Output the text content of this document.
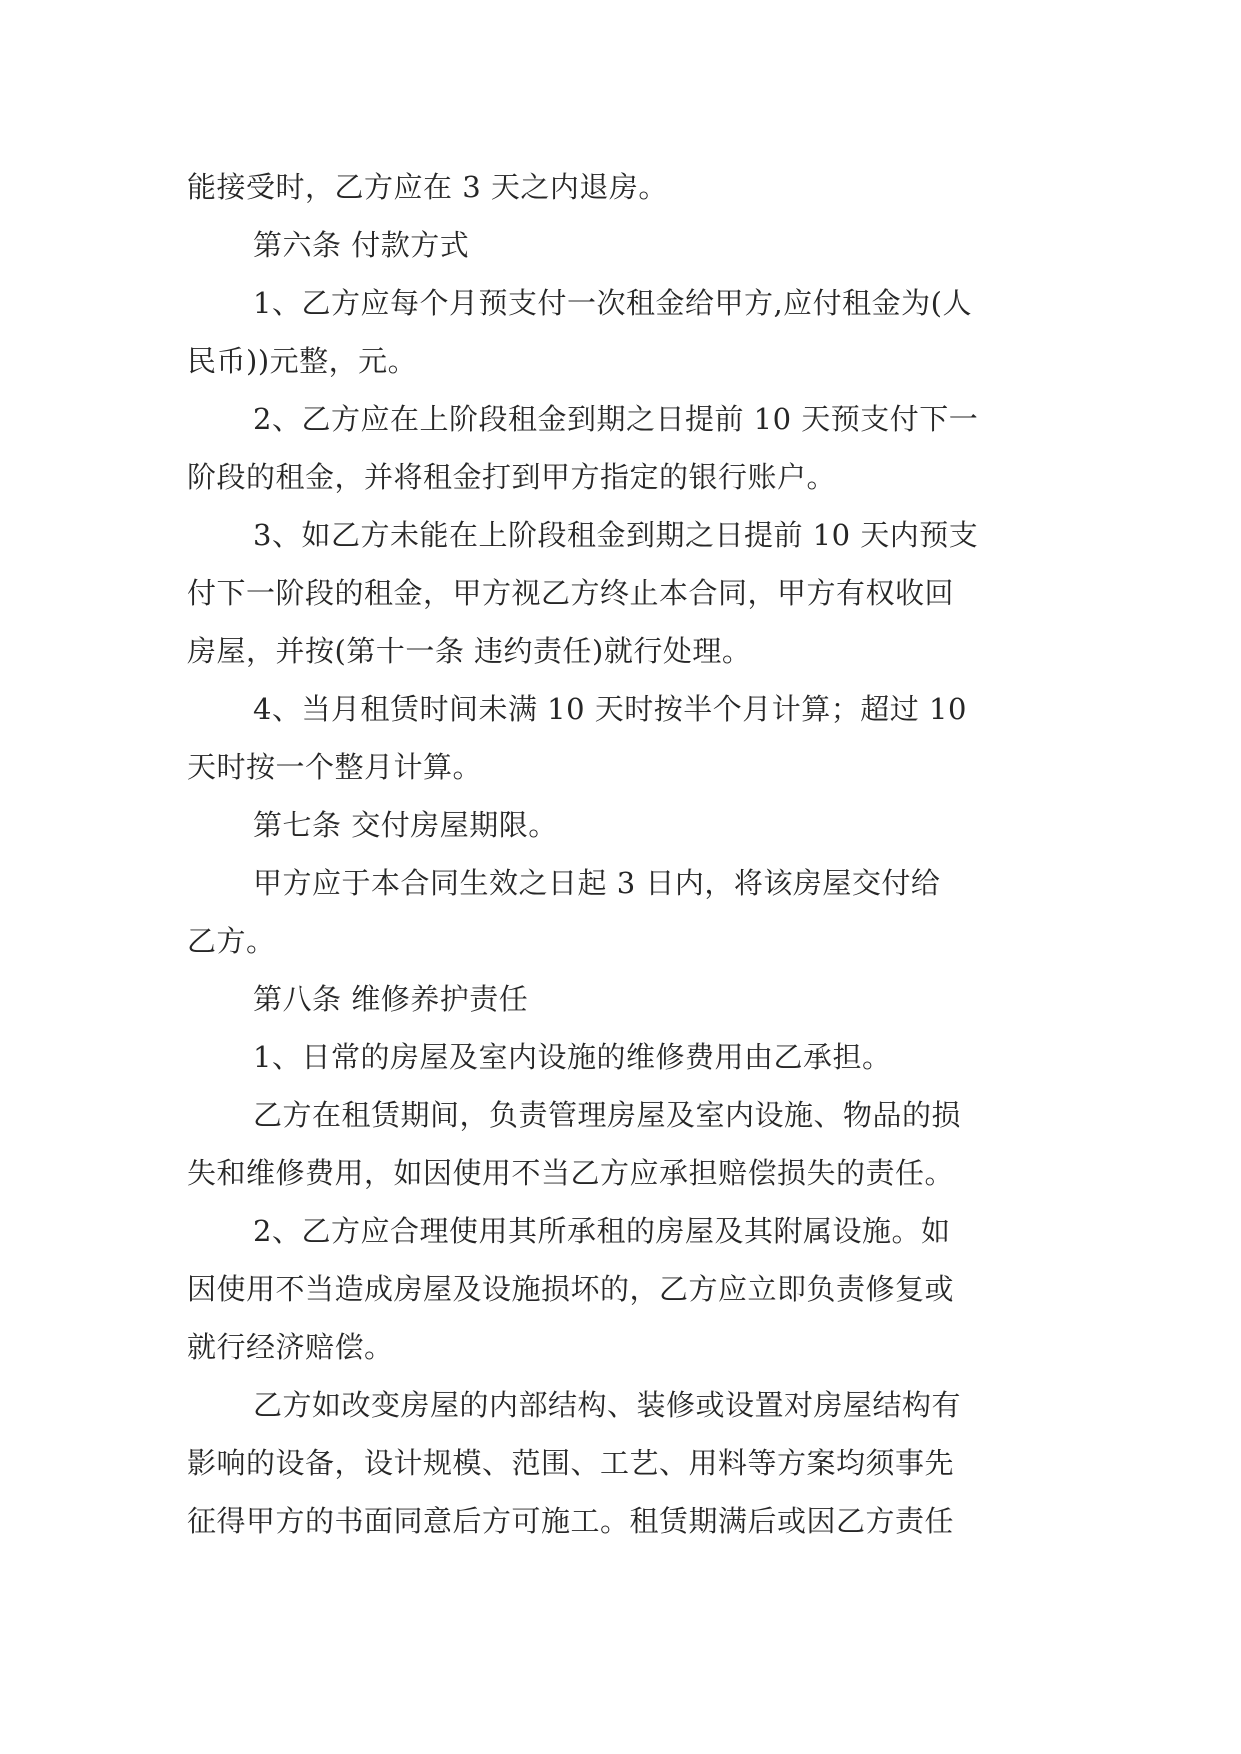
能接受时，乙方应在 3 天之内退房。
第六条 付款方式
1、乙方应每个月预支付一次租金给甲方,应付租金为(人
民币))元整，元。
2、乙方应在上阶段租金到期之日提前 10 天预支付下一
阶段的租金，并将租金打到甲方指定的银行账户。
3、如乙方未能在上阶段租金到期之日提前 10 天内预支
付下一阶段的租金，甲方视乙方终止本合同，甲方有权收回
房屋，并按(第十一条 违约责任)就行处理。
4、当月租赁时间未满 10 天时按半个月计算；超过 10
天时按一个整月计算。
第七条 交付房屋期限。
甲方应于本合同生效之日起 3 日内，将该房屋交付给
乙方。
第八条 维修养护责任
1、日常的房屋及室内设施的维修费用由乙承担。
乙方在租赁期间，负责管理房屋及室内设施、物品的损
失和维修费用，如因使用不当乙方应承担赔偿损失的责任。
2、乙方应合理使用其所承租的房屋及其附属设施。如
因使用不当造成房屋及设施损坏的，乙方应立即负责修复或
就行经济赔偿。
乙方如改变房屋的内部结构、装修或设置对房屋结构有
影响的设备，设计规模、范围、工艺、用料等方案均须事先
征得甲方的书面同意后方可施工。租赁期满后或因乙方责任
